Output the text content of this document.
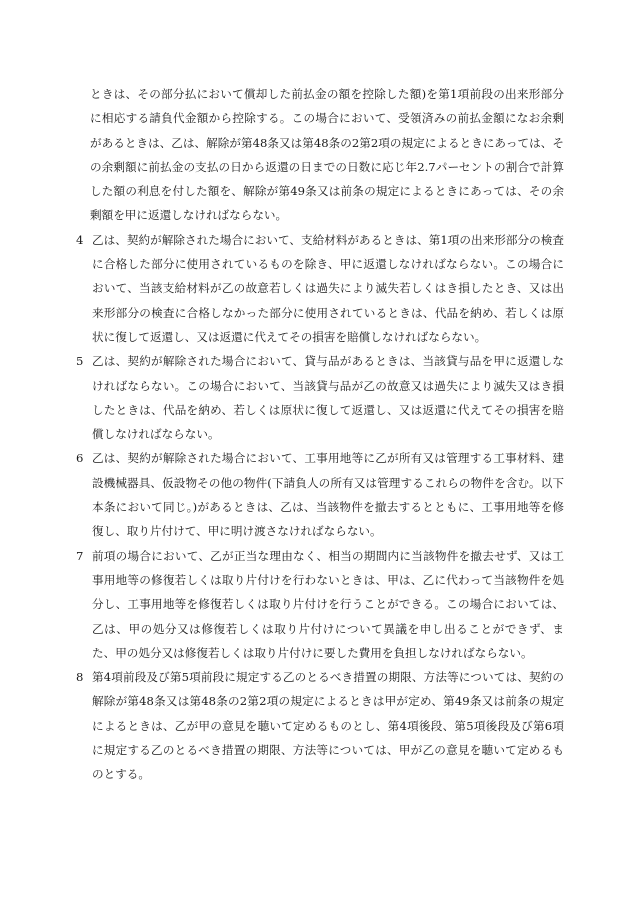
ときは、その部分払において償却した前払金の額を控除した額)を第1項前段の出来形部分に相応する請負代金額から控除する。この場合において、受領済みの前払金額になお余剰があるときは、乙は、解除が第48条又は第48条の2第2項の規定によるときにあっては、その余剰額に前払金の支払の日から返還の日までの日数に応じ年2.7パーセントの割合で計算した額の利息を付した額を、解除が第49条又は前条の規定によるときにあっては、その余剰額を甲に返還しなければならない。

4 乙は、契約が解除された場合において、支給材料があるときは、第1項の出来形部分の検査に合格した部分に使用されているものを除き、甲に返還しなければならない。この場合において、当該支給材料が乙の故意若しくは過失により滅失若しくはき損したとき、又は出来形部分の検査に合格しなかった部分に使用されているときは、代品を納め、若しくは原状に復して返還し、又は返還に代えてその損害を賠償しなければならない。

5 乙は、契約が解除された場合において、貸与品があるときは、当該貸与品を甲に返還しなければならない。この場合において、当該貸与品が乙の故意又は過失により滅失又はき損したときは、代品を納め、若しくは原状に復して返還し、又は返還に代えてその損害を賠償しなければならない。

6 乙は、契約が解除された場合において、工事用地等に乙が所有又は管理する工事材料、建設機械器具、仮設物その他の物件(下請負人の所有又は管理するこれらの物件を含む。以下本条において同じ。)があるときは、乙は、当該物件を撤去するとともに、工事用地等を修復し、取り片付けて、甲に明け渡さなければならない。

7 前項の場合において、乙が正当な理由なく、相当の期間内に当該物件を撤去せず、又は工事用地等の修復若しくは取り片付けを行わないときは、甲は、乙に代わって当該物件を処分し、工事用地等を修復若しくは取り片付けを行うことができる。この場合においては、乙は、甲の処分又は修復若しくは取り片付けについて異議を申し出ることができず、また、甲の処分又は修復若しくは取り片付けに要した費用を負担しなければならない。

8 第4項前段及び第5項前段に規定する乙のとるべき措置の期限、方法等については、契約の解除が第48条又は第48条の2第2項の規定によるときは甲が定め、第49条又は前条の規定によるときは、乙が甲の意見を聴いて定めるものとし、第4項後段、第5項後段及び第6項に規定する乙のとるべき措置の期限、方法等については、甲が乙の意見を聴いて定めるものとする。
